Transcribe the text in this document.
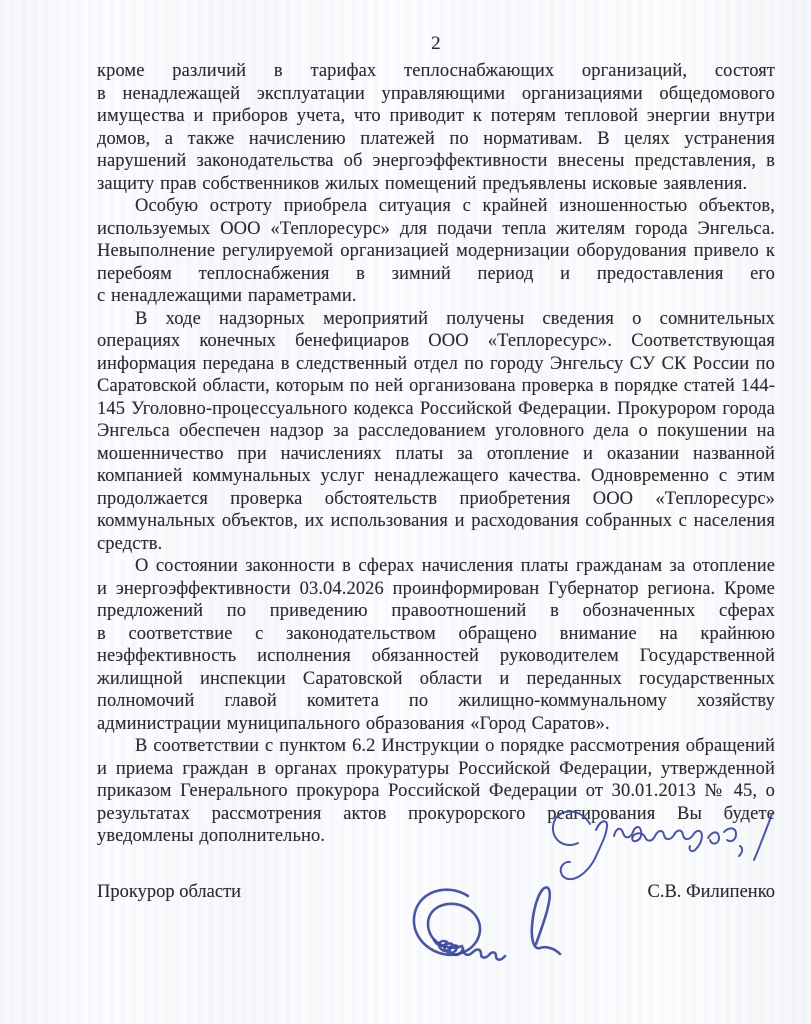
2

кроме различий в тарифах теплоснабжающих организаций, состоят в ненадлежащей эксплуатации управляющими организациями общедомового имущества и приборов учета, что приводит к потерям тепловой энергии внутри домов, а также начислению платежей по нормативам. В целях устранения нарушений законодательства об энергоэффективности внесены представления, в защиту прав собственников жилых помещений предъявлены исковые заявления.

Особую остроту приобрела ситуация с крайней изношенностью объектов, используемых ООО «Теплоресурс» для подачи тепла жителям города Энгельса. Невыполнение регулируемой организацией модернизации оборудования привело к перебоям теплоснабжения в зимний период и предоставления его с ненадлежащими параметрами.

В ходе надзорных мероприятий получены сведения о сомнительных операциях конечных бенефициаров ООО «Теплоресурс». Соответствующая информация передана в следственный отдел по городу Энгельсу СУ СК России по Саратовской области, которым по ней организована проверка в порядке статей 144-145 Уголовно-процессуального кодекса Российской Федерации. Прокурором города Энгельса обеспечен надзор за расследованием уголовного дела о покушении на мошенничество при начислениях платы за отопление и оказании названной компанией коммунальных услуг ненадлежащего качества. Одновременно с этим продолжается проверка обстоятельств приобретения ООО «Теплоресурс» коммунальных объектов, их использования и расходования собранных с населения средств.

О состоянии законности в сферах начисления платы гражданам за отопление и энергоэффективности 03.04.2026 проинформирован Губернатор региона. Кроме предложений по приведению правоотношений в обозначенных сферах в соответствие с законодательством обращено внимание на крайнюю неэффективность исполнения обязанностей руководителем Государственной жилищной инспекции Саратовской области и переданных государственных полномочий главой комитета по жилищно-коммунальному хозяйству администрации муниципального образования «Город Саратов».

В соответствии с пунктом 6.2 Инструкции о порядке рассмотрения обращений и приема граждан в органах прокуратуры Российской Федерации, утвержденной приказом Генерального прокурора Российской Федерации от 30.01.2013 № 45, о результатах рассмотрения актов прокурорского реагирования Вы будете уведомлены дополнительно.

Прокурор области	С.В. Филипенко
